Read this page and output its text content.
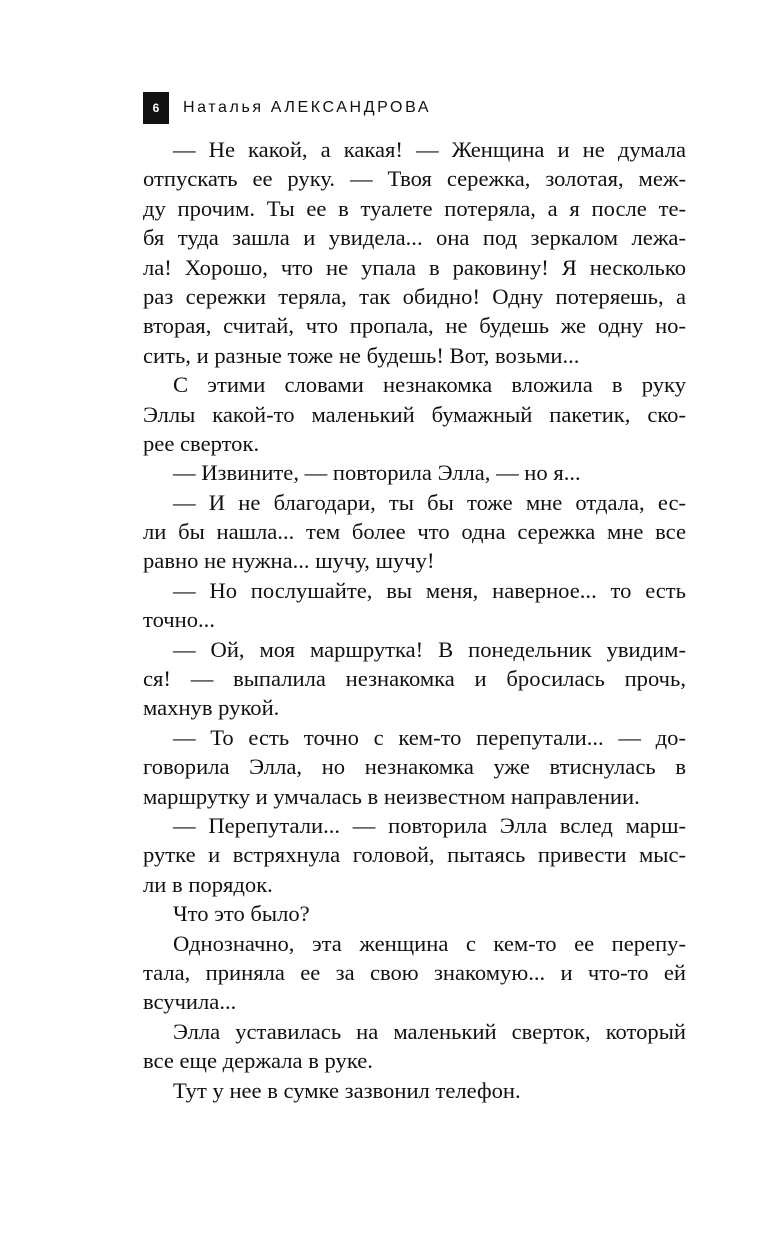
6	Наталья АЛЕКСАНДРОВА
— Не какой, а какая! — Женщина и не думала
отпускать ее руку. — Твоя сережка, золотая, меж-
ду прочим. Ты ее в туалете потеряла, а я после те-
бя туда зашла и увидела... она под зеркалом лежа-
ла! Хорошо, что не упала в раковину! Я несколько
раз сережки теряла, так обидно! Одну потеряешь, а
вторая, считай, что пропала, не будешь же одну но-
сить, и разные тоже не будешь! Вот, возьми...
С этими словами незнакомка вложила в руку
Эллы какой-то маленький бумажный пакетик, ско-
рее сверток.
— Извините, — повторила Элла, — но я...
— И не благодари, ты бы тоже мне отдала, ес-
ли бы нашла... тем более что одна сережка мне все
равно не нужна... шучу, шучу!
— Но послушайте, вы меня, наверное... то есть
точно...
— Ой, моя маршрутка! В понедельник увидим-
ся! — выпалила незнакомка и бросилась прочь,
махнув рукой.
— То есть точно с кем-то перепутали... — до-
говорила Элла, но незнакомка уже втиснулась в
маршрутку и умчалась в неизвестном направлении.
— Перепутали... — повторила Элла вслед марш-
рутке и встряхнула головой, пытаясь привести мыс-
ли в порядок.
Что это было?
Однозначно, эта женщина с кем-то ее перепу-
тала, приняла ее за свою знакомую... и что-то ей
всучила...
Элла уставилась на маленький сверток, который
все еще держала в руке.
Тут у нее в сумке зазвонил телефон.
